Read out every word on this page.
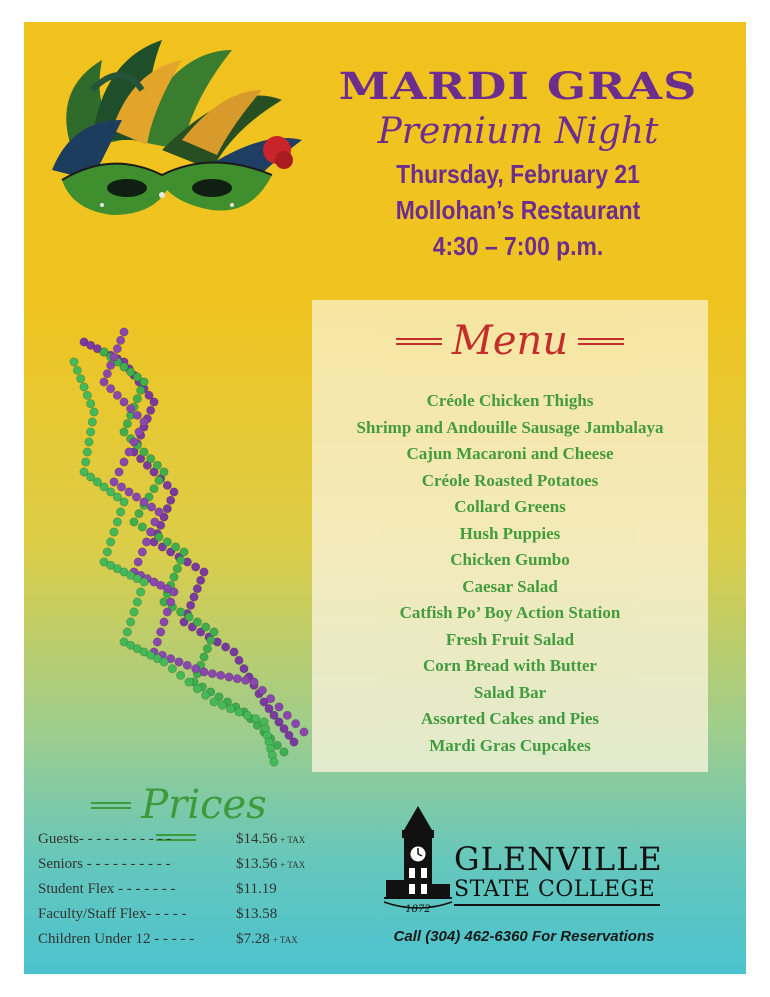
MARDI GRAS
Premium Night
Thursday, February 21
Mollohan’s Restaurant
4:30 – 7:00 p.m.
Menu
Créole Chicken Thighs
Shrimp and Andouille Sausage Jambalaya
Cajun Macaroni and Cheese
Créole Roasted Potatoes
Collard Greens
Hush Puppies
Chicken Gumbo
Caesar Salad
Catfish Po’ Boy Action Station
Fresh Fruit Salad
Corn Bread with Butter
Salad Bar
Assorted Cakes and Pies
Mardi Gras Cupcakes
Prices
Guests- - - - - - - - - - -	$14.56 + TAX
Seniors - - - - - - - - - -	$13.56 + TAX
Student Flex - - - - - - -	$11.19
Faculty/Staff Flex- - - - -	$13.58
Children Under 12 - - - - -	$7.28 + TAX
1872
GLENVILLE
STATE COLLEGE
Call (304) 462-6360 For Reservations
